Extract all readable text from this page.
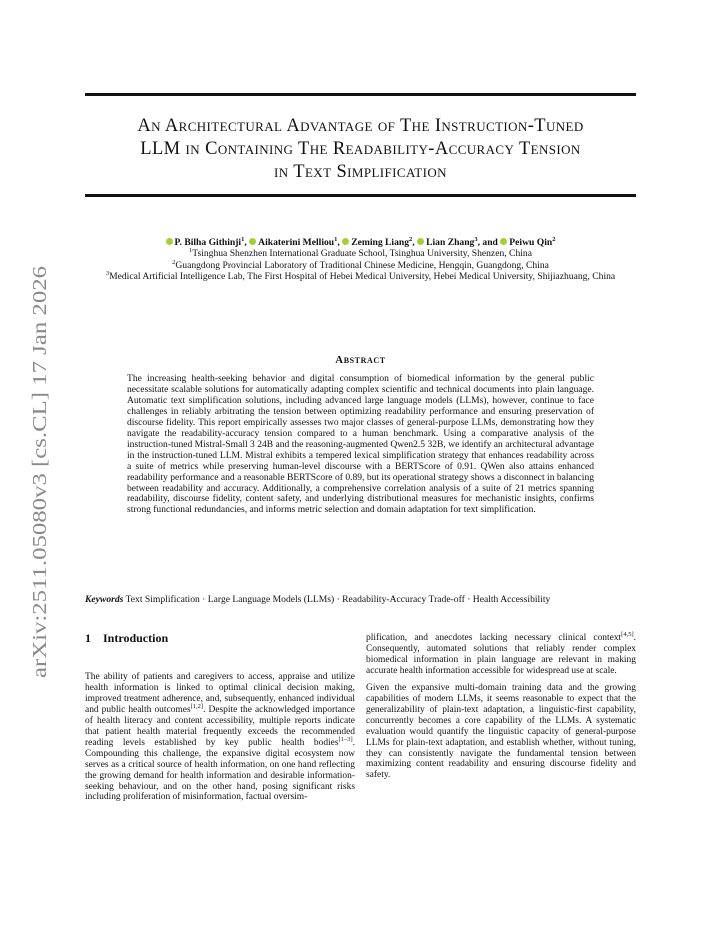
arXiv:2511.05080v3 [cs.CL] 17 Jan 2026
An Architectural Advantage of The Instruction-Tuned
LLM in Containing The Readability-Accuracy Tension
in Text Simplification
P. Bilha Githinji$^1$, Aikaterini Melliou$^1$, Zeming Liang$^2$, Lian Zhang$^3$, and Peiwu Qin$^2$
$^1$Tsinghua Shenzhen International Graduate School, Tsinghua University, Shenzen, China
$^2$Guangdong Provincial Laboratory of Traditional Chinese Medicine, Hengqin, Guangdong, China
$^3$Medical Artificial Intelligence Lab, The First Hospital of Hebei Medical University, Hebei Medical University, Shijiazhuang, China
Abstract
The increasing health-seeking behavior and digital consumption of biomedical information by the general public necessitate scalable solutions for automatically adapting complex scientific and technical documents into plain language. Automatic text simplification solutions, including advanced large language models (LLMs), however, continue to face challenges in reliably arbitrating the tension between optimizing readability performance and ensuring preservation of discourse fidelity. This report empirically assesses two major classes of general-purpose LLMs, demonstrating how they navigate the readability-accuracy tension compared to a human benchmark. Using a comparative analysis of the instruction-tuned Mistral-Small 3 24B and the reasoning-augmented Qwen2.5 32B, we identify an architectural advantage in the instruction-tuned LLM. Mistral exhibits a tempered lexical simplification strategy that enhances readability across a suite of metrics while preserving human-level discourse with a BERTScore of 0.91. QWen also attains enhanced readability performance and a reasonable BERTScore of 0.89, but its operational strategy shows a disconnect in balancing between readability and accuracy. Additionally, a comprehensive correlation analysis of a suite of 21 metrics spanning readability, discourse fidelity, content safety, and underlying distributional measures for mechanistic insights, confirms strong functional redundancies, and informs metric selection and domain adaptation for text simplification.
Keywords Text Simplification · Large Language Models (LLMs) · Readability-Accuracy Trade-off · Health Accessibility
1 Introduction

The ability of patients and caregivers to access, appraise and utilize health information is linked to optimal clinical decision making, improved treatment adherence, and, subsequently, enhanced individual and public health outcomes[1,2]. Despite the acknowledged importance of health literacy and content accessibility, multiple reports indicate that patient health material frequently exceeds the recommended reading levels established by key public health bodies[1–3]. Compounding this challenge, the expansive digital ecosystem now serves as a critical source of health information, on one hand reflecting the growing demand for health information and desirable information-seeking behaviour, and on the other hand, posing significant risks including proliferation of misinformation, factual oversim-

plification, and anecdotes lacking necessary clinical context[4,5]. Consequently, automated solutions that reliably render complex biomedical information in plain language are relevant in making accurate health information accessible for widespread use at scale.

Given the expansive multi-domain training data and the growing capabilities of modern LLMs, it seems reasonable to expect that the generalizability of plain-text adaptation, a linguistic-first capability, concurrently becomes a core capability of the LLMs. A systematic evaluation would quantify the linguistic capacity of general-purpose LLMs for plain-text adaptation, and establish whether, without tuning, they can consistently navigate the fundamental tension between maximizing content readability and ensuring discourse fidelity and safety.
